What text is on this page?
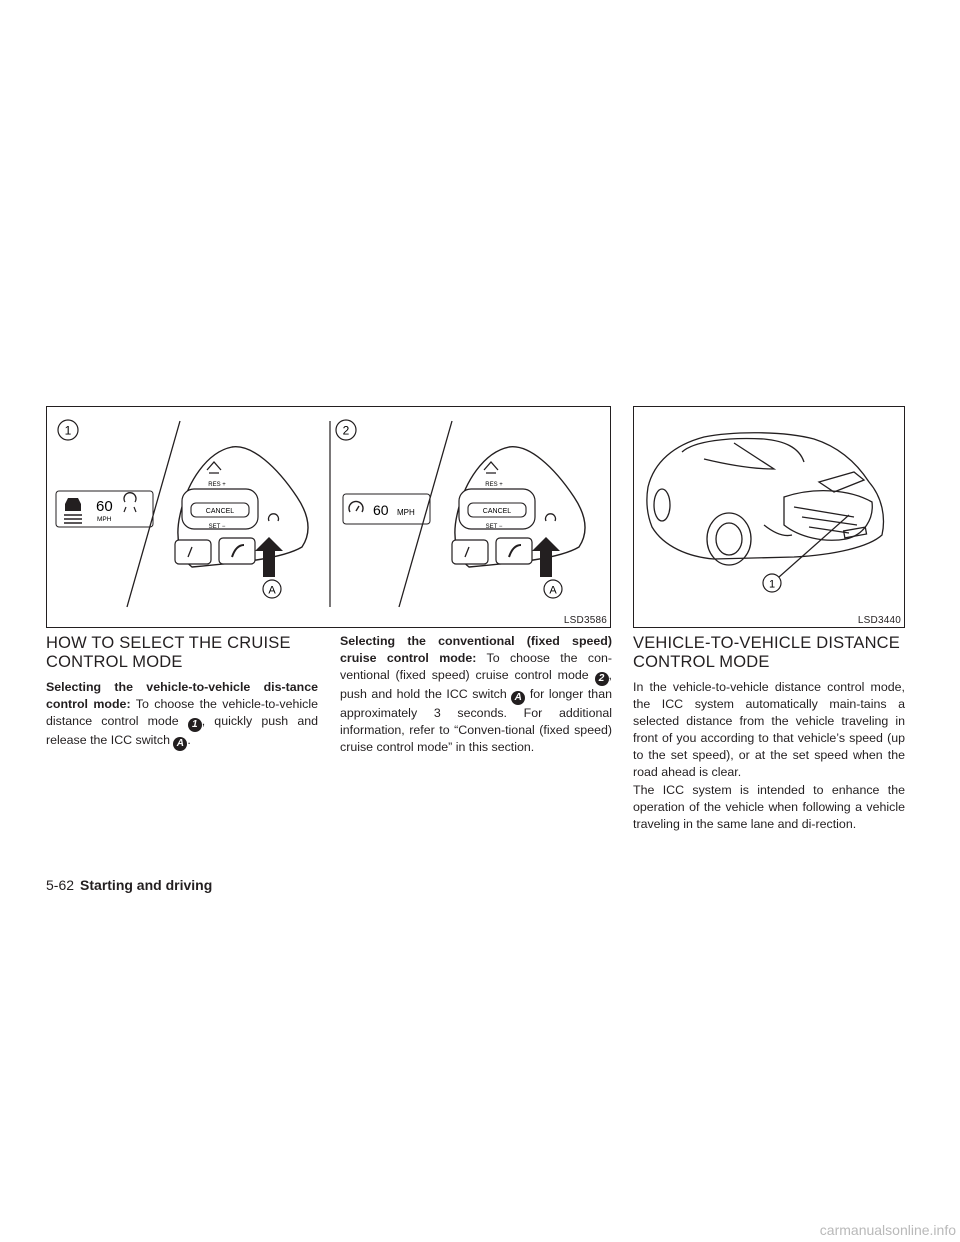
1
60
MPH
RES +
CANCEL
SET −
A
2
60 MPH
RES +
CANCEL
SET −
A
LSD3586
1
LSD3440
HOW TO SELECT THE CRUISE
CONTROL MODE

Selecting the vehicle-to-vehicle dis-tance control mode: To choose the vehicle-to-vehicle distance control mode 1 , quickly push and release the ICC switch A .

Selecting the conventional (fixed speed) cruise control mode: To choose the con-ventional (fixed speed) cruise control mode 2 , push and hold the ICC switch A for longer than approximately 3 seconds. For additional information, refer to “Conven-tional (fixed speed) cruise control mode” in this section.

VEHICLE-TO-VEHICLE DISTANCE
CONTROL MODE

In the vehicle-to-vehicle distance control mode, the ICC system automatically main-tains a selected distance from the vehicle traveling in front of you according to that vehicle’s speed (up to the set speed), or at the set speed when the road ahead is clear.

The ICC system is intended to enhance the operation of the vehicle when following a vehicle traveling in the same lane and di-rection.

5-62 Starting and driving
carmanualsonline.info
